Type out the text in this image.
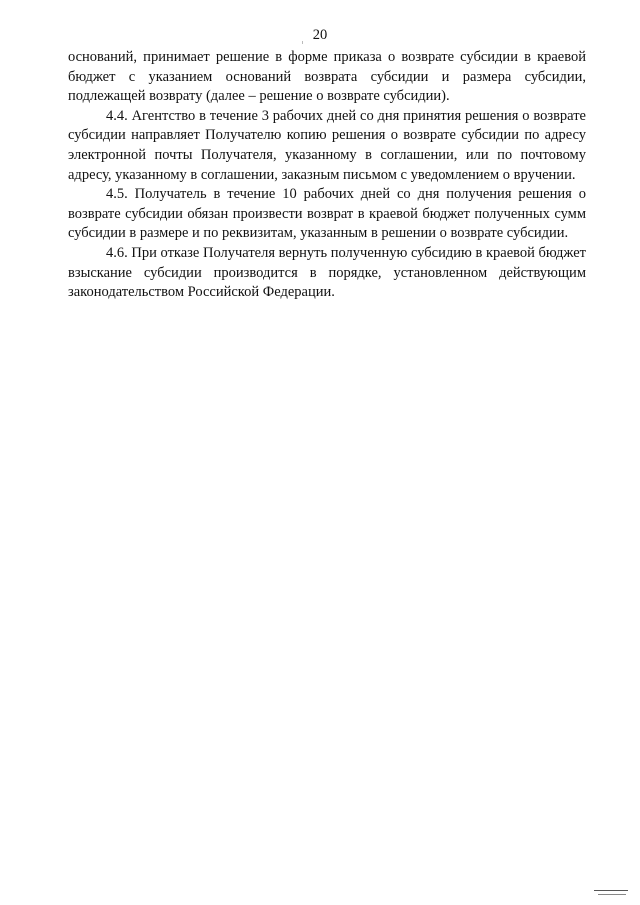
20

оснований, принимает решение в форме приказа о возврате субсидии в краевой бюджет с указанием оснований возврата субсидии и размера субсидии, подлежащей возврату (далее – решение о возврате субсидии).

4.4. Агентство в течение 3 рабочих дней со дня принятия решения о возврате субсидии направляет Получателю копию решения о возврате субсидии по адресу электронной почты Получателя, указанному в соглашении, или по почтовому адресу, указанному в соглашении, заказным письмом с уведомлением о вручении.

4.5. Получатель в течение 10 рабочих дней со дня получения решения о возврате субсидии обязан произвести возврат в краевой бюджет полученных сумм субсидии в размере и по реквизитам, указанным в решении о возврате субсидии.

4.6. При отказе Получателя вернуть полученную субсидию в краевой бюджет взыскание субсидии производится в порядке, установленном действующим законодательством Российской Федерации.
